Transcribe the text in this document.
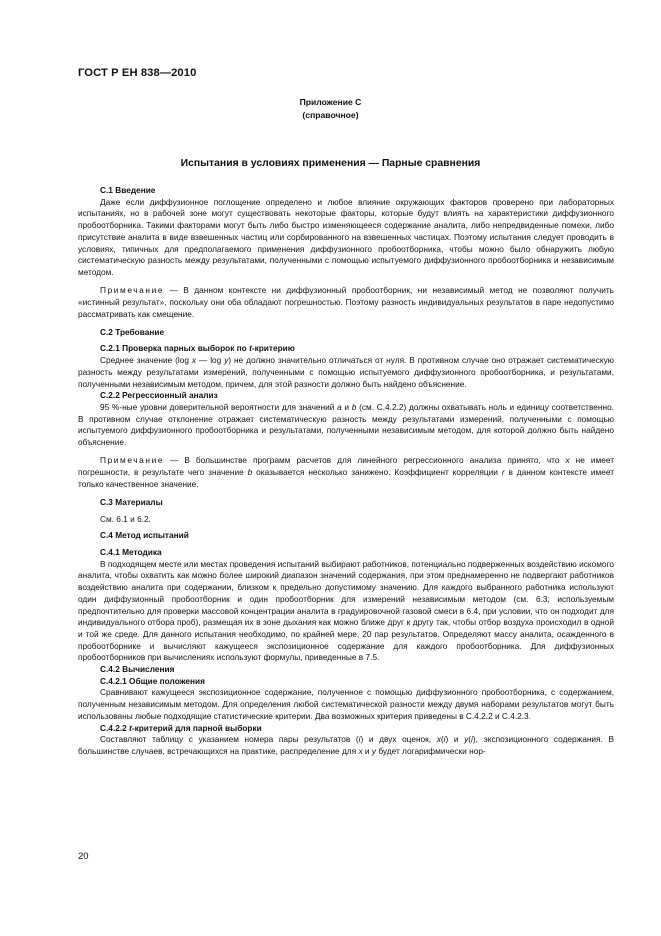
ГОСТ Р ЕН 838—2010
Приложение С
(справочное)
Испытания в условиях применения — Парные сравнения

С.1 Введение

Даже если диффузионное поглощение определено и любое влияние окружающих факторов проверено при лабораторных испытаниях, но в рабочей зоне могут существовать некоторые факторы, которые будут влиять на характеристики диффузионного пробоотборника. Такими факторами могут быть либо быстро изменяющееся содержание аналита, либо непредвиденные помехи, либо присутствие аналита в виде взвешенных частиц или сорбированного на взвешенных частицах. Поэтому испытания следует проводить в условиях, типичных для предполагаемого применения диффузионного пробоотборника, чтобы можно было обнаружить любую систематическую разность между результатами, полученными с помощью испытуемого диффузионного пробоотборника и независимым методом.

Примечание — В данном контексте ни диффузионный пробоотборник, ни независимый метод не позволяют получить «истинный результат», поскольку они оба обладают погрешностью. Поэтому разность индивидуальных результатов в паре недопустимо рассматривать как смещение.

С.2 Требование

С.2.1 Проверка парных выборок по t-критерию

Среднее значение (log x — log y) не должно значительно отличаться от нуля. В противном случае оно отражает систематическую разность между результатами измерений, полученными с помощью испытуемого диффузионного пробоотборника, и результатами, полученными независимым методом, причем, для этой разности должно быть найдено объяснение.

С.2.2 Регрессионный анализ

95 %-ные уровни доверительной вероятности для значений a и b (см. С.4.2.2) должны охватывать ноль и единицу соответственно. В противном случае отклонение отражает систематическую разность между результатами измерений, полученными с помощью испытуемого диффузионного пробоотборника и результатами, полученными независимым методом, для которой должно быть найдено объяснение.

Примечание — В большинстве программ расчетов для линейного регрессионного анализа принято, что x не имеет погрешности, в результате чего значение b оказывается несколько занижено. Коэффициент корреляции r в данном контексте имеет только качественное значение.

С.3 Материалы

См. 6.1 и 6.2.

С.4 Метод испытаний

С.4.1 Методика

В подходящем месте или местах проведения испытаний выбирают работников, потенциально подверженных воздействию искомого аналита, чтобы охватить как можно более широкий диапазон значений содержания, при этом преднамеренно не подвергают работников воздействию аналита при содержании, близком к предельно допустимому значению. Для каждого выбранного работника используют один диффузионный пробоотборник и один пробоотборник для измерений независимым методом (см. 6.3; используемым предпочтительно для проверки массовой концентрации аналита в градуировочной газовой смеси в 6.4, при условии, что он подходит для индивидуального отбора проб), размещая их в зоне дыхания как можно ближе друг к другу так, чтобы отбор воздуха происходил в одной и той же среде. Для данного испытания необходимо, по крайней мере, 20 пар результатов. Определяют массу аналита, осажденного в пробоотборнике и вычисляют кажущееся экспозиционное содержание для каждого пробоотборника. Для диффузионных пробоотборников при вычислениях используют формулы, приведенные в 7.5.

С.4.2 Вычисления

С.4.2.1 Общие положения

Сравнивают кажущееся экспозиционное содержание, полученное с помощью диффузионного пробоотборника, с содержанием, полученным независимым методом. Для определения любой систематической разности между двумя наборами результатов могут быть использованы любые подходящие статистические критерии. Два возможных критерия приведены в С.4.2.2 и С.4.2.3.

С.4.2.2 t-критерий для парной выборки

Составляют таблицу с указанием номера пары результатов (i) и двух оценок, x(i) и y(i), экспозиционного содержания. В большинстве случаев, встречающихся на практике, распределение для x и y будет логарифмически нор-

20
